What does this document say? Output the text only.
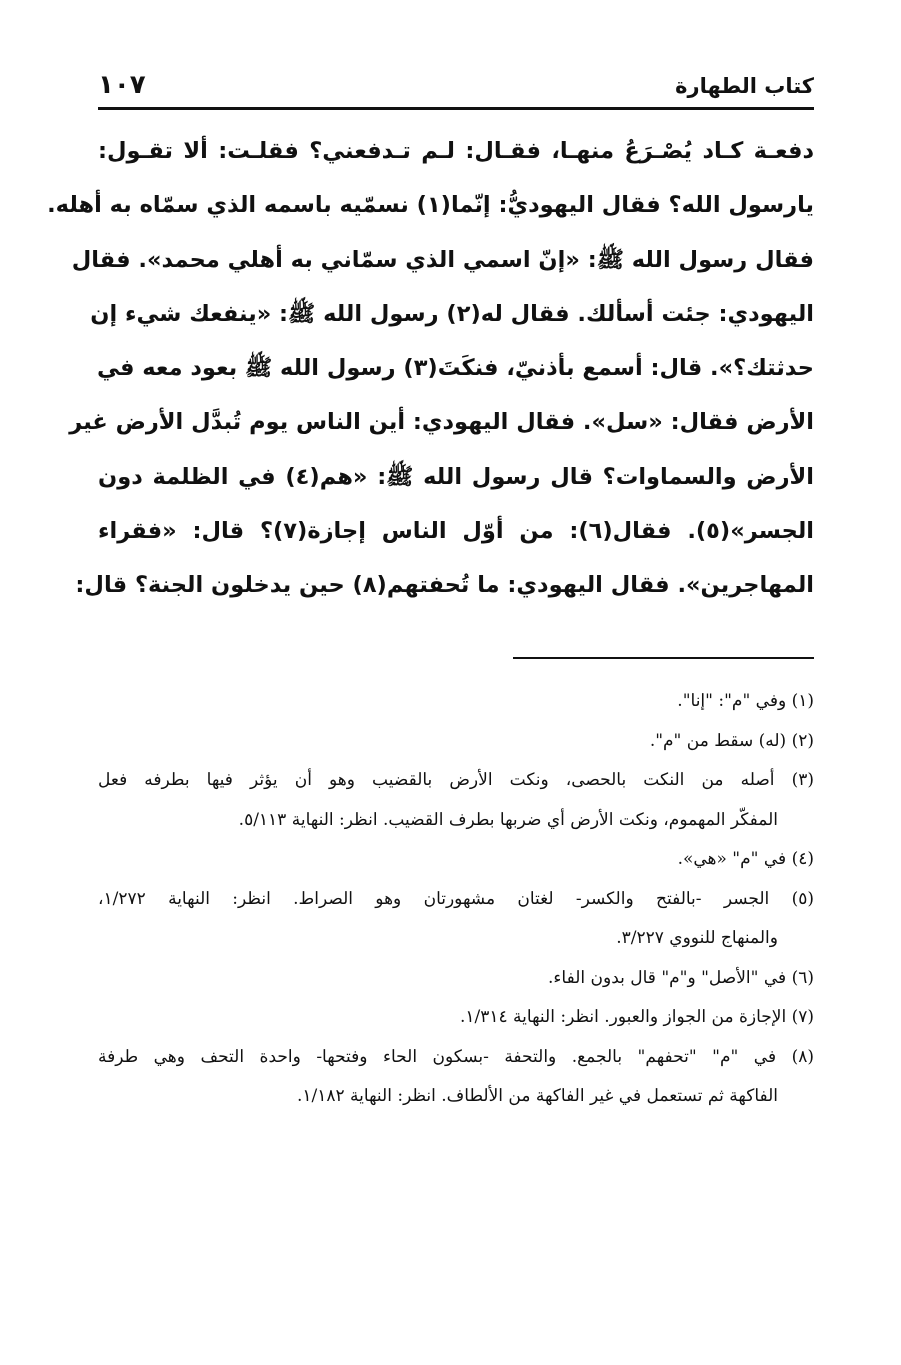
كتاب الطهارة
١٠٧
دفعـة كـاد يُصْـرَعُ منهـا، فقـال: لـم تـدفعني؟ فقلـت: ألا تقـول:
يارسول الله؟ فقال اليهوديُّ: إنّما(١) نسمّيه باسمه الذي سمّاه به أهله.
فقال رسول الله ﷺ: «إنّ اسمي الذي سمّاني به أهلي محمد». فقال
اليهودي: جئت أسألك. فقال له(٢) رسول الله ﷺ: «ينفعك شيء إن
حدثتك؟». قال: أسمع بأذنيّ، فنكَتَ(٣) رسول الله ﷺ بعود معه في
الأرض فقال: «سل». فقال اليهودي: أين الناس يوم تُبدَّل الأرض غير
الأرض والسماوات؟ قال رسول الله ﷺ: «هم(٤) في الظلمة دون
الجسر»(٥). فقال(٦): من أوّل الناس إجازة(٧)؟ قال: «فقراء
المهاجرين». فقال اليهودي: ما تُحفتهم(٨) حين يدخلون الجنة؟ قال:
(١) وفي "م": "إنا".
(٢) (له) سقط من "م".
(٣) أصله من النكت بالحصى، ونكت الأرض بالقضيب وهو أن يؤثر فيها بطرفه فعل
المفكّر المهموم، ونكت الأرض أي ضربها بطرف القضيب. انظر: النهاية ٥/١١٣.
(٤) في "م" «هي».
(٥) الجسر -بالفتح والكسر- لغتان مشهورتان وهو الصراط. انظر: النهاية ١/٢٧٢،
والمنهاج للنووي ٣/٢٢٧.
(٦) في "الأصل" و"م" قال بدون الفاء.
(٧) الإجازة من الجواز والعبور. انظر: النهاية ١/٣١٤.
(٨) في "م" "تحفهم" بالجمع. والتحفة -بسكون الحاء وفتحها- واحدة التحف وهي طرفة
الفاكهة ثم تستعمل في غير الفاكهة من الألطاف. انظر: النهاية ١/١٨٢.
